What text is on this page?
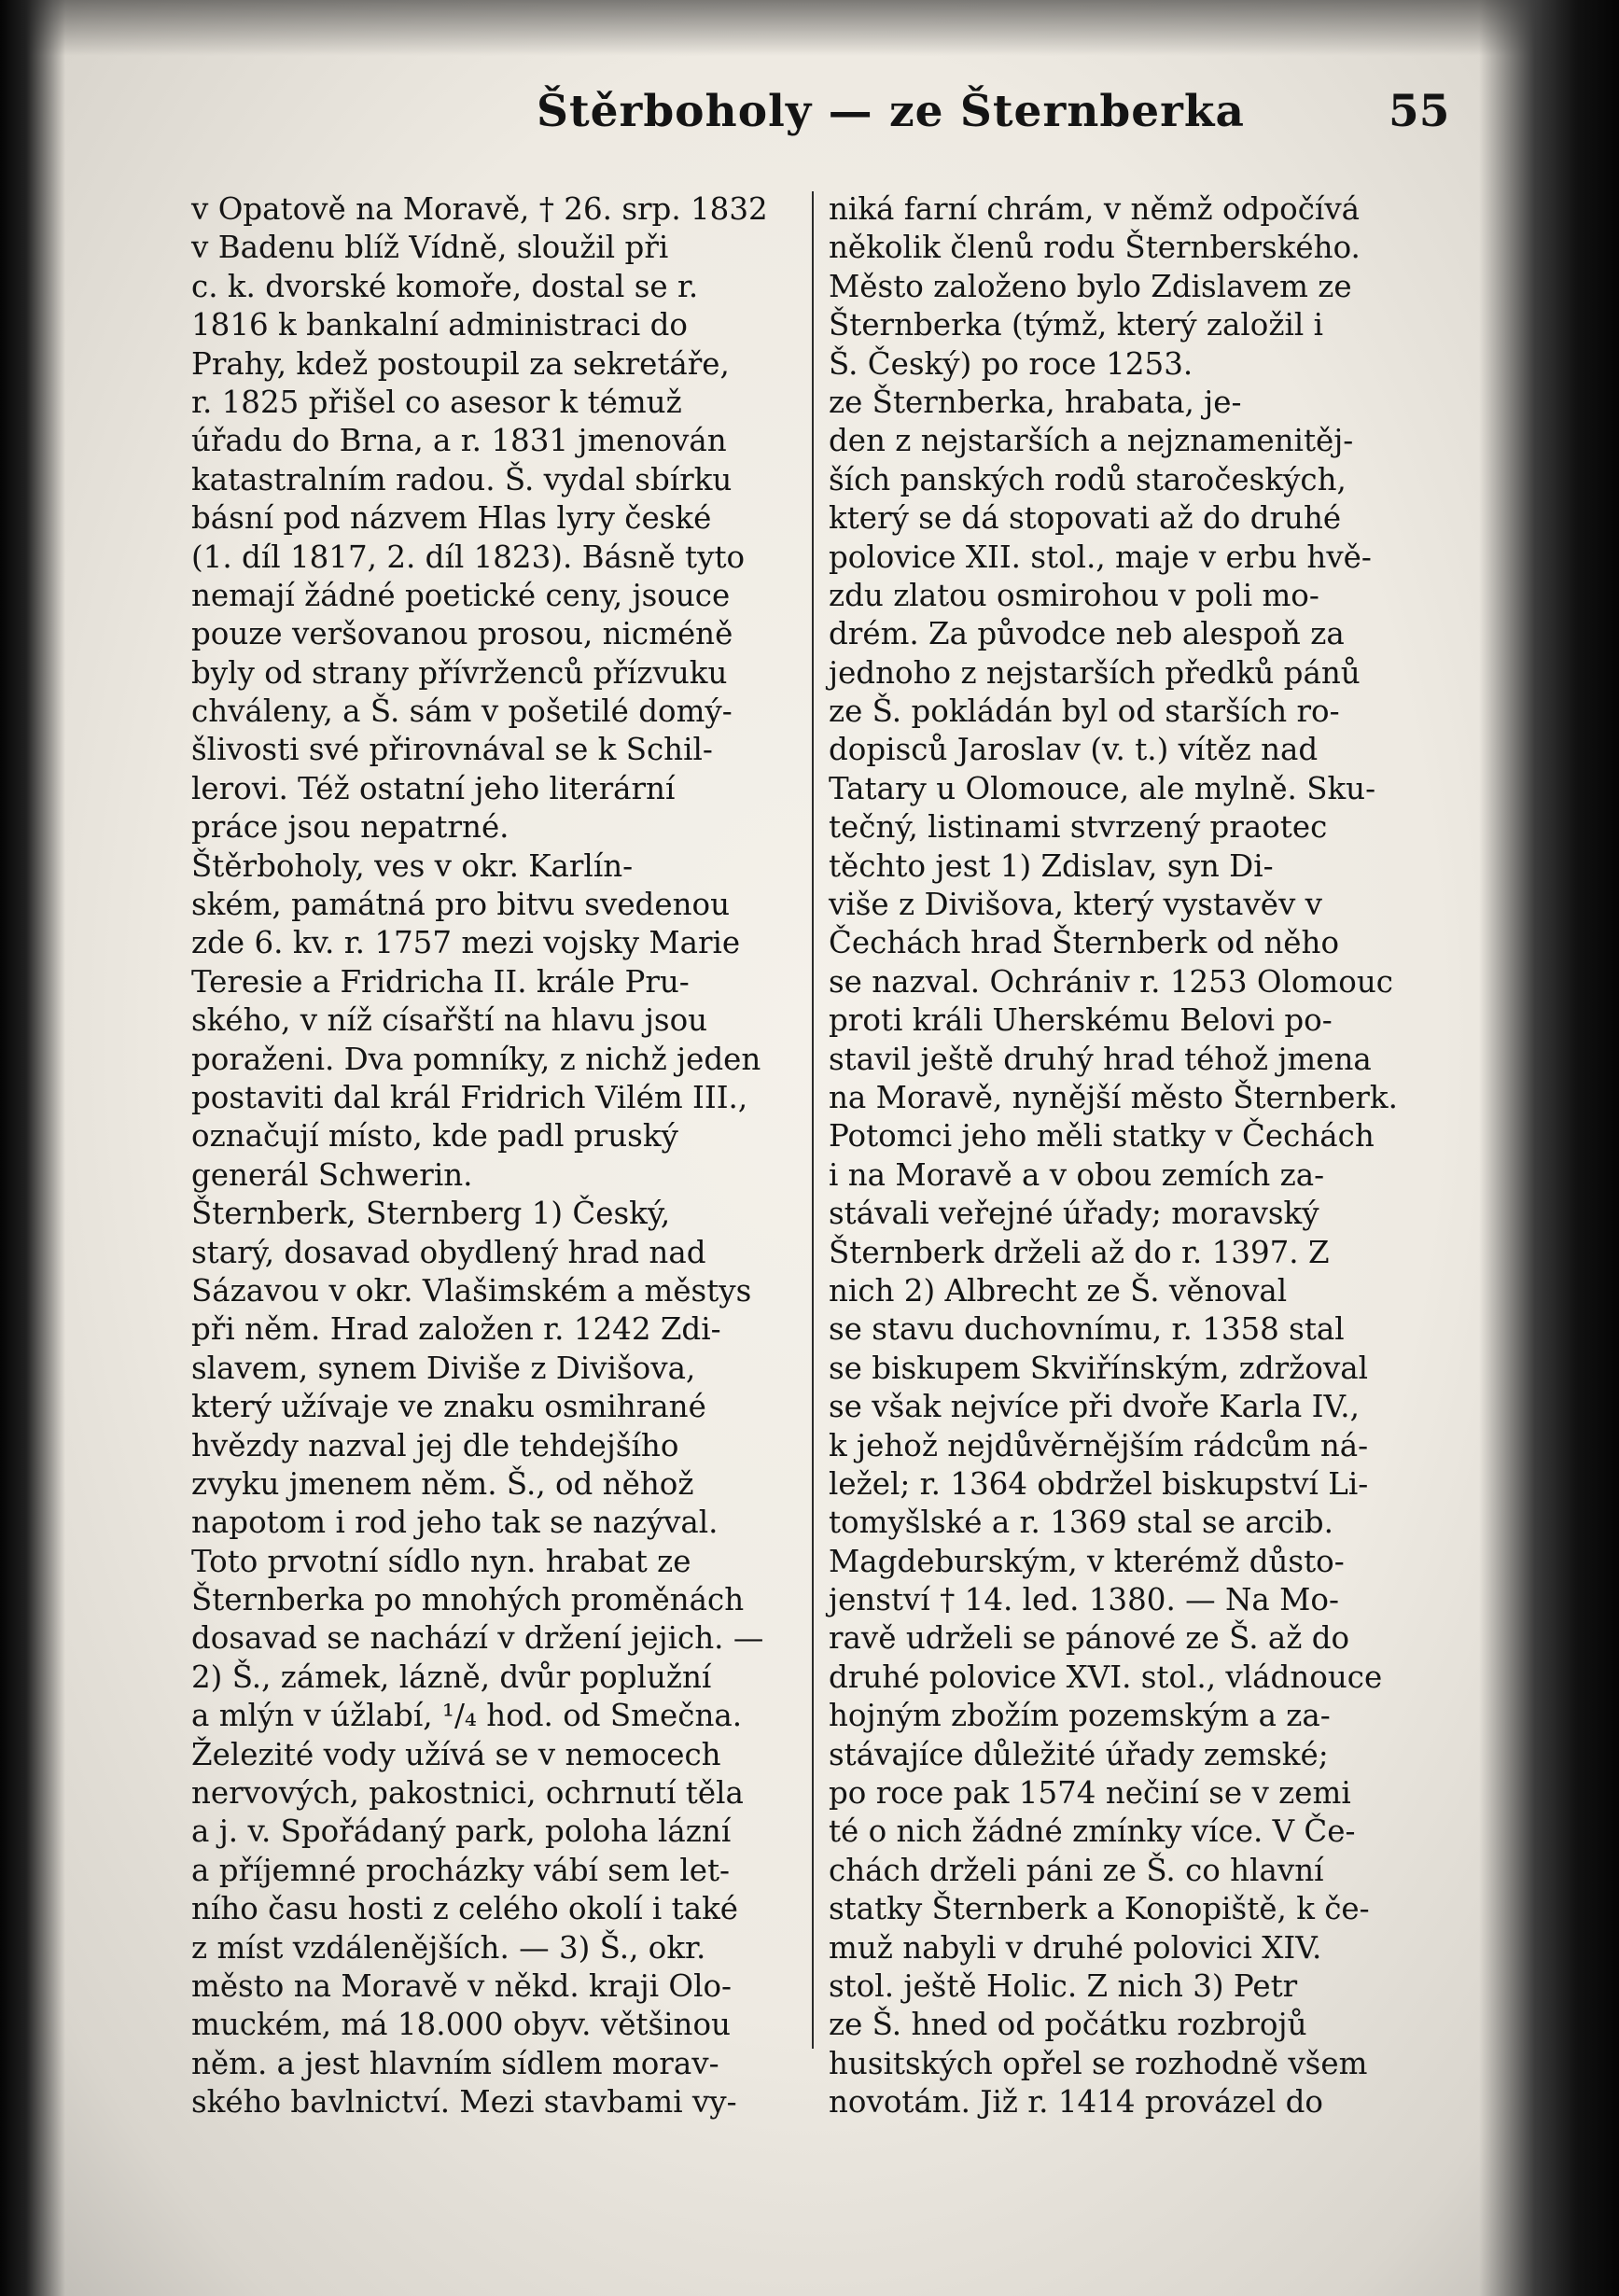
Štěrboholy — ze Šternberka	55
v Opatově na Moravě, † 26. srp. 1832
v Badenu blíž Vídně, sloužil při
c. k. dvorské komoře, dostal se r.
1816 k bankalní administraci do
Prahy, kdež postoupil za sekretáře,
r. 1825 přišel co asesor k témuž
úřadu do Brna, a r. 1831 jmenován
katastralním radou. Š. vydal sbírku
básní pod názvem Hlas lyry české
(1. díl 1817, 2. díl 1823). Básně tyto
nemají žádné poetické ceny, jsouce
pouze veršovanou prosou, nicméně
byly od strany přívrženců přízvuku
chváleny, a Š. sám v pošetilé domý-
šlivosti své přirovnával se k Schil-
lerovi. Též ostatní jeho literární
práce jsou nepatrné.
Štěrboholy, ves v okr. Karlín-
ském, památná pro bitvu svedenou
zde 6. kv. r. 1757 mezi vojsky Marie
Teresie a Fridricha II. krále Pru-
ského, v níž císařští na hlavu jsou
poraženi. Dva pomníky, z nichž jeden
postaviti dal král Fridrich Vilém III.,
označují místo, kde padl pruský
generál Schwerin.
Šternberk, Sternberg 1) Český,
starý, dosavad obydlený hrad nad
Sázavou v okr. Vlašimském a městys
při něm. Hrad založen r. 1242 Zdi-
slavem, synem Diviše z Divišova,
který užívaje ve znaku osmihrané
hvězdy nazval jej dle tehdejšího
zvyku jmenem něm. Š., od něhož
napotom i rod jeho tak se nazýval.
Toto prvotní sídlo nyn. hrabat ze
Šternberka po mnohých proměnách
dosavad se nachází v držení jejich. —
2) Š., zámek, lázně, dvůr poplužní
a mlýn v úžlabí, ¹/₄ hod. od Smečna.
Železité vody užívá se v nemocech
nervových, pakostnici, ochrnutí těla
a j. v. Spořádaný park, poloha lázní
a příjemné procházky vábí sem let-
ního času hosti z celého okolí i také
z míst vzdálenějších. — 3) Š., okr.
město na Moravě v někd. kraji Olo-
muckém, má 18.000 obyv. většinou
něm. a jest hlavním sídlem morav-
ského bavlnictví. Mezi stavbami vy-
niká farní chrám, v němž odpočívá
několik členů rodu Šternberského.
Město založeno bylo Zdislavem ze
Šternberka (týmž, který založil i
Š. Český) po roce 1253.
ze Šternberka, hrabata, je-
den z nejstarších a nejznamenitěj-
ších panských rodů staročeských,
který se dá stopovati až do druhé
polovice XII. stol., maje v erbu hvě-
zdu zlatou osmirohou v poli mo-
drém. Za původce neb alespoň za
jednoho z nejstarších předků pánů
ze Š. pokládán byl od starších ro-
dopisců Jaroslav (v. t.) vítěz nad
Tatary u Olomouce, ale mylně. Sku-
tečný, listinami stvrzený praotec
těchto jest 1) Zdislav, syn Di-
više z Divišova, který vystavěv v
Čechách hrad Šternberk od něho
se nazval. Ochrániv r. 1253 Olomouc
proti králi Uherskému Belovi po-
stavil ještě druhý hrad téhož jmena
na Moravě, nynější město Šternberk.
Potomci jeho měli statky v Čechách
i na Moravě a v obou zemích za-
stávali veřejné úřady; moravský
Šternberk drželi až do r. 1397. Z
nich 2) Albrecht ze Š. věnoval
se stavu duchovnímu, r. 1358 stal
se biskupem Skviřínským, zdržoval
se však nejvíce při dvoře Karla IV.,
k jehož nejdůvěrnějším rádcům ná-
ležel; r. 1364 obdržel biskupství Li-
tomyšlské a r. 1369 stal se arcib.
Magdeburským, v kterémž důsto-
jenství † 14. led. 1380. — Na Mo-
ravě udrželi se pánové ze Š. až do
druhé polovice XVI. stol., vládnouce
hojným zbožím pozemským a za-
stávajíce důležité úřady zemské;
po roce pak 1574 nečiní se v zemi
té o nich žádné zmínky více. V Če-
chách drželi páni ze Š. co hlavní
statky Šternberk a Konopiště, k če-
muž nabyli v druhé polovici XIV.
stol. ještě Holic. Z nich 3) Petr
ze Š. hned od počátku rozbrojů
husitských opřel se rozhodně všem
novotám. Již r. 1414 provázel do
